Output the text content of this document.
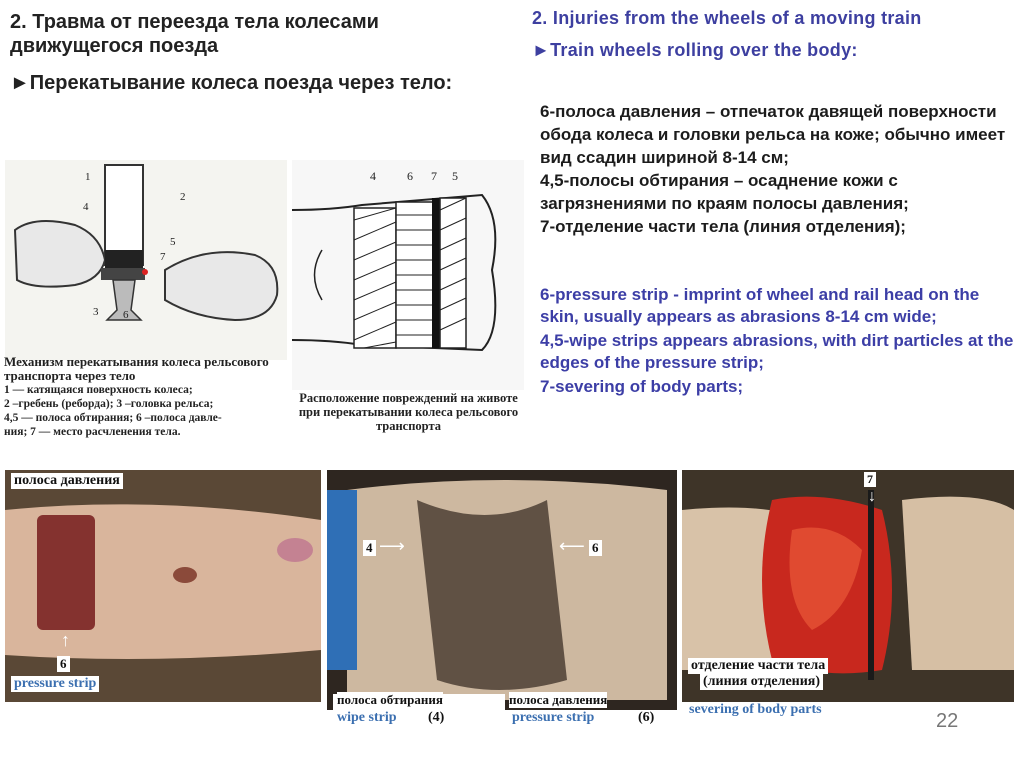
2. Травма от переезда тела колесами движущегося поезда
►Перекатывание колеса поезда через тело:
2. Injuries from the wheels of a moving train
►Train wheels rolling over the body:

6-полоса давления – отпечаток давящей поверхности обода колеса и головки рельса на коже; обычно имеет вид ссадин шириной 8-14 см;

4,5-полосы обтирания – осаднение кожи с загрязнениями по краям полосы давления;

7-отделение части тела (линия отделения);

6-pressure strip - imprint of wheel and rail head on the skin, usually appears as abrasions 8-14 cm wide;

4,5-wipe strips appears abrasions, with dirt particles at the edges of the pressure strip;

7-severing of body parts;

1
2
3
4
5
6
7
Механизм перекатывания колеса рельсового транспорта через тело
1 — катящаяся поверхность колеса;
2 –гребень (реборда); 3 –головка рельса;
4,5 — полоса обтирания; 6 –полоса давле-
ния; 7 — место расчленения тела.
4	6 7 5
Расположение повреждений на животе при перекатывании колеса рельсового транспорта
полоса давления
↑
6
pressure strip
4 ⟶	⟵ 6
полоса обтирания	полоса давления
wipe strip (4)	pressure strip	(6)
7
↓
отделение части тела
(линия отделения)
severing of body parts
22
